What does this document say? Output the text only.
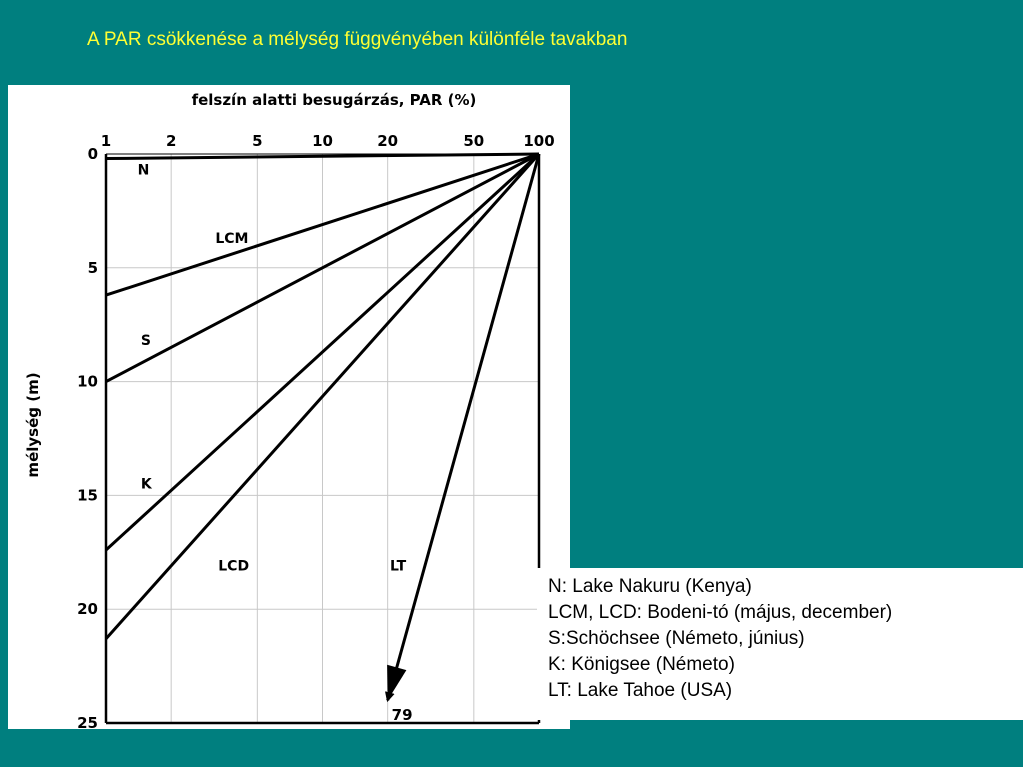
A PAR csökkenése a mélység függvényében különféle tavakban
1	2	5	10	20	50	100
0
5
10
15
20
25
felszín alatti besugárzás, PAR (%)
mélység (m)
79
N
LCM
S
K
LCD	LT
N: Lake Nakuru (Kenya)
LCM, LCD: Bodeni-tó (május, december)
S:Schöchsee (Németo, június)
K: Königsee (Németo)
LT: Lake Tahoe (USA)
